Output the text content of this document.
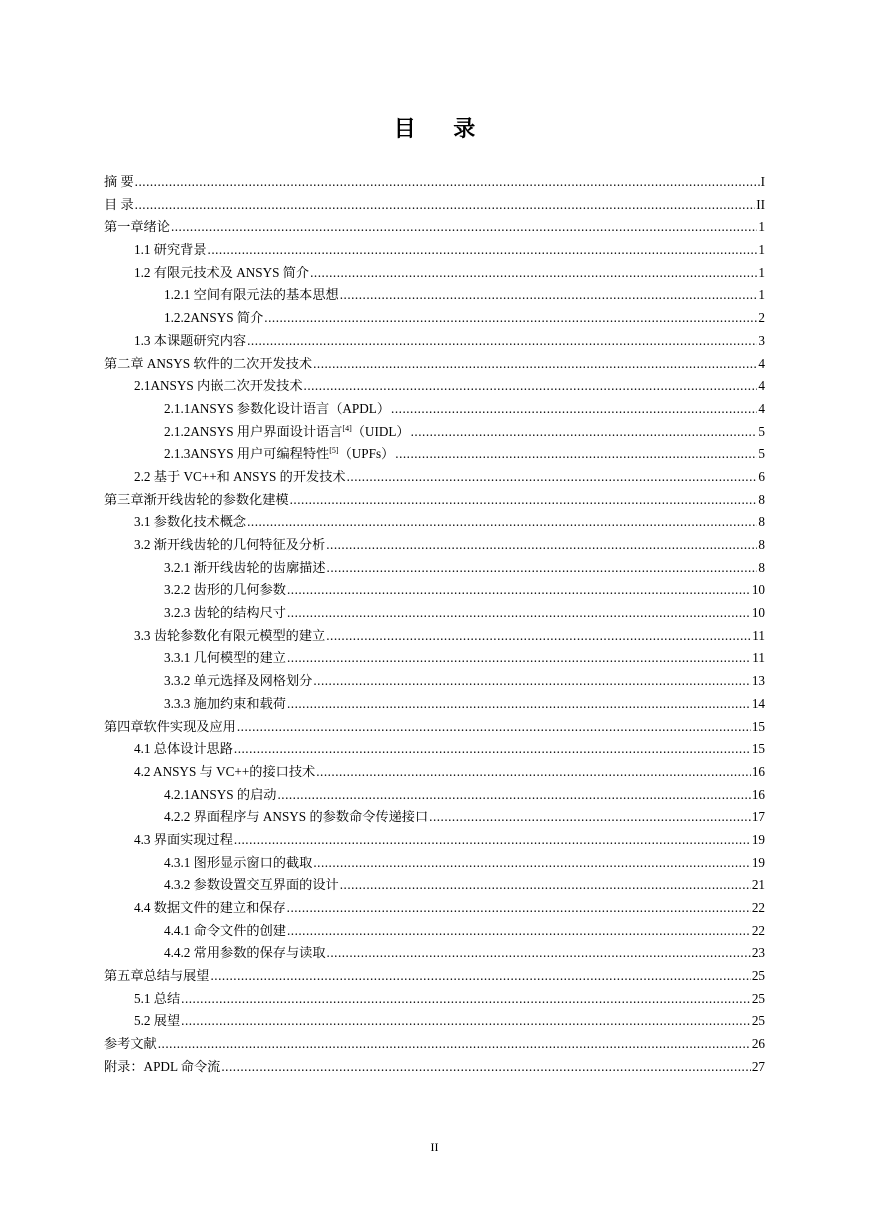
目 录
摘 要 .....	I
目 录 .....	II
第一章绪论 .....	1
1.1 研究背景 .....	1
1.2 有限元技术及 ANSYS 简介 .....	1
1.2.1 空间有限元法的基本思想 .....	1
1.2.2ANSYS 简介 .....	2
1.3 本课题研究内容 .....	3
第二章 ANSYS 软件的二次开发技术 .....	4
2.1ANSYS 内嵌二次开发技术 .....	4
2.1.1ANSYS 参数化设计语言（APDL） .....	4
2.1.2ANSYS 用户界面设计语言[4]（UIDL） .....	5
2.1.3ANSYS 用户可编程特性[5]（UPFs） .....	5
2.2 基于 VC++和 ANSYS 的开发技术 .....	6
第三章渐开线齿轮的参数化建模 .....	8
3.1 参数化技术概念 .....	8
3.2 渐开线齿轮的几何特征及分析 .....	8
3.2.1 渐开线齿轮的齿廓描述 .....	8
3.2.2 齿形的几何参数 .....	10
3.2.3 齿轮的结构尺寸 .....	10
3.3 齿轮参数化有限元模型的建立 .....	11
3.3.1 几何模型的建立 .....	11
3.3.2 单元选择及网格划分 .....	13
3.3.3 施加约束和载荷 .....	14
第四章软件实现及应用 .....	15
4.1 总体设计思路 .....	15
4.2 ANSYS 与 VC++的接口技术 .....	16
4.2.1ANSYS 的启动 .....	16
4.2.2 界面程序与 ANSYS 的参数命令传递接口 .....	17
4.3 界面实现过程 .....	19
4.3.1 图形显示窗口的截取 .....	19
4.3.2 参数设置交互界面的设计 .....	21
4.4 数据文件的建立和保存 .....	22
4.4.1 命令文件的创建 .....	22
4.4.2 常用参数的保存与读取 .....	23
第五章总结与展望 .....	25
5.1 总结 .....	25
5.2 展望 .....	25
参考文献 .....	26
附录：APDL 命令流 .....	27
II
